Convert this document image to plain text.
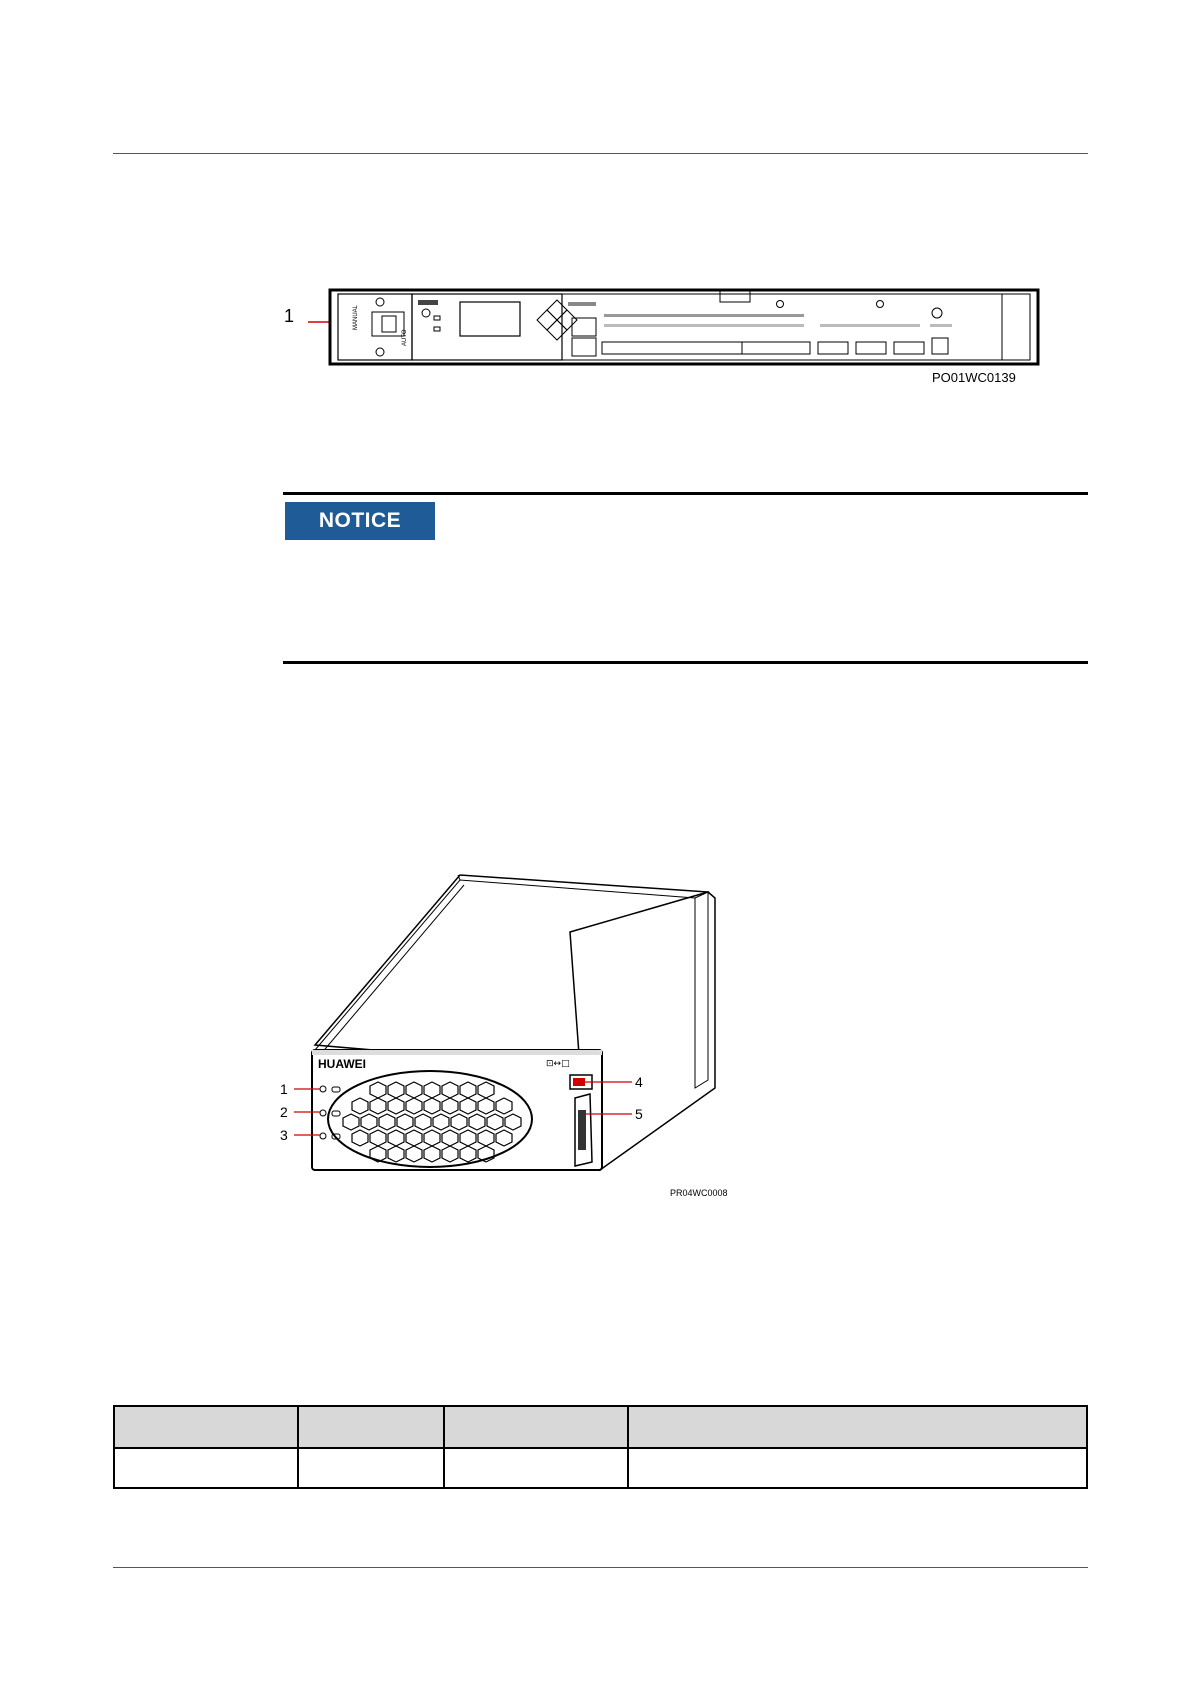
1	MANUAL
AUTO
PO01WC0139
NOTICE
HUAWEI
1
2
3
⊡↔□
4
5
PR04WC0008
